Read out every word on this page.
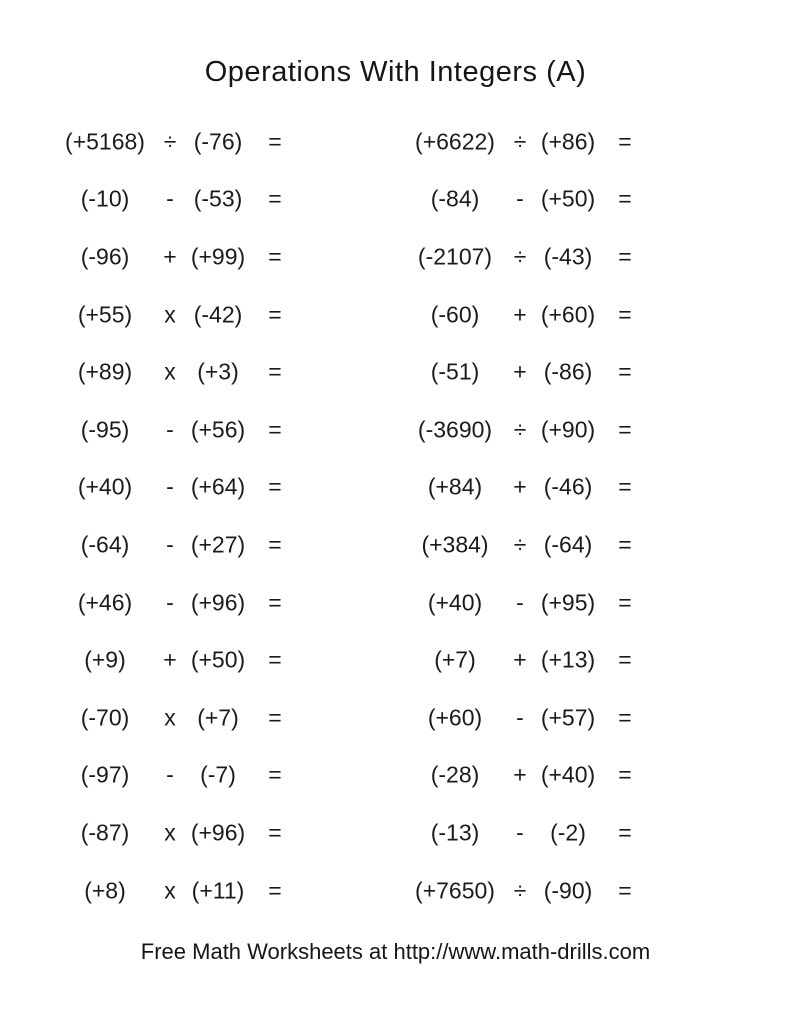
Operations With Integers (A)
(+5168) ÷ (-76)	=	(+6622) ÷ (+86)	=
(-10)	- (-53)	=	(-84)	- (+50)	=
(-96)	+ (+99)	=	(-2107) ÷ (-43)	=
(+55)	x (-42)	=	(-60)	+ (+60)	=
(+89)	x (+3)	=	(-51)	+ (-86)	=
(-95)	- (+56)	=	(-3690) ÷ (+90)	=
(+40)	- (+64)	=	(+84)	+ (-46)	=
(-64)	- (+27)	=	(+384)	÷ (-64)	=
(+46)	- (+96)	=	(+40)	- (+95)	=
(+9)	+ (+50)	=	(+7)	+ (+13)	=
(-70)	x (+7)	=	(+60)	- (+57)	=
(-97)	-	(-7)	=	(-28)	+ (+40)	=
(-87)	x (+96)	=	(-13)	-	(-2)	=
(+8)	x (+11)	=	(+7650) ÷ (-90)	=
Free Math Worksheets at http://www.math-drills.com
